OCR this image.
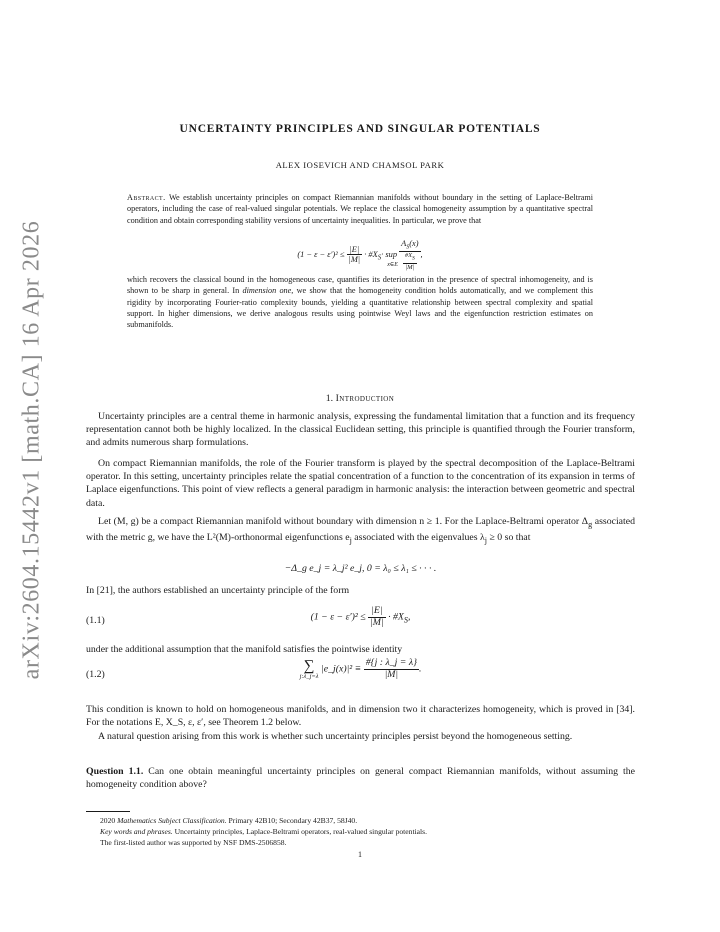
arXiv:2604.15442v1 [math.CA] 16 Apr 2026
UNCERTAINTY PRINCIPLES AND SINGULAR POTENTIALS
ALEX IOSEVICH AND CHAMSOL PARK
Abstract. We establish uncertainty principles on compact Riemannian manifolds without boundary in the setting of Laplace-Beltrami operators, including the case of real-valued singular potentials. We replace the classical homogeneity assumption by a quantitative spectral condition and obtain corresponding stability versions of uncertainty inequalities. In particular, we prove that
$(1 - \varepsilon - \varepsilon')^2 \le \frac{|E|}{|M|}$ · $\#X_S\cdot$ sup
x∈E
$\frac{A_S(x)}{\frac{\#X_S}{|M|}}$ ,
which recovers the classical bound in the homogeneous case, quantifies its deterioration in the presence of spectral inhomogeneity, and is shown to be sharp in general. In dimension one, we show that the homogeneity condition holds automatically, and we complement this rigidity by incorporating Fourier-ratio complexity bounds, yielding a quantitative relationship between spectral complexity and spatial support. In higher dimensions, we derive analogous results using pointwise Weyl laws and the eigenfunction restriction estimates on submanifolds.
1. Introduction
Uncertainty principles are a central theme in harmonic analysis, expressing the fundamental limitation that a function and its frequency representation cannot both be highly localized. In the classical Euclidean setting, this principle is quantified through the Fourier transform, and admits numerous sharp formulations.
On compact Riemannian manifolds, the role of the Fourier transform is played by the spectral decomposition of the Laplace-Beltrami operator. In this setting, uncertainty principles relate the spatial concentration of a function to the concentration of its expansion in terms of Laplace eigenfunctions. This point of view reflects a general paradigm in harmonic analysis: the interaction between geometric and spectral data.
Let (M, g) be a compact Riemannian manifold without boundary with dimension n ≥ 1. For the Laplace-Beltrami operator $\Delta_g$ associated with the metric g, we have the L²(M)-orthonormal eigenfunctions $e_j$ associated with the eigenvalues $\lambda_j \ge 0$ so that
−Δ_g e_j = λ_j² e_j, 0 = λ₀ ≤ λ₁ ≤ · · · .
In [21], the authors established an uncertainty principle of the form
(1.1)	$(1 - \varepsilon - \varepsilon')^2 \le \frac{|E|}{|M|}$ · $\#X_S$,
under the additional assumption that the manifold satisfies the pointwise identity
(1.2)
∑
j:λ_j=λ
|e_j(x)|² ≡ $\frac{\#\{j : \lambda\_j = \lambda\}}{|M|}$ .
This condition is known to hold on homogeneous manifolds, and in dimension two it characterizes homogeneity, which is proved in [34]. For the notations E, X_S, ε, ε′, see Theorem 1.2 below.
A natural question arising from this work is whether such uncertainty principles persist beyond the homogeneous setting.
Question 1.1. Can one obtain meaningful uncertainty principles on general compact Riemannian manifolds, without assuming the homogeneity condition above?
2020 Mathematics Subject Classification. Primary 42B10; Secondary 42B37, 58J40.
Key words and phrases. Uncertainty principles, Laplace-Beltrami operators, real-valued singular potentials.
The first-listed author was supported by NSF DMS-2506858.
1
